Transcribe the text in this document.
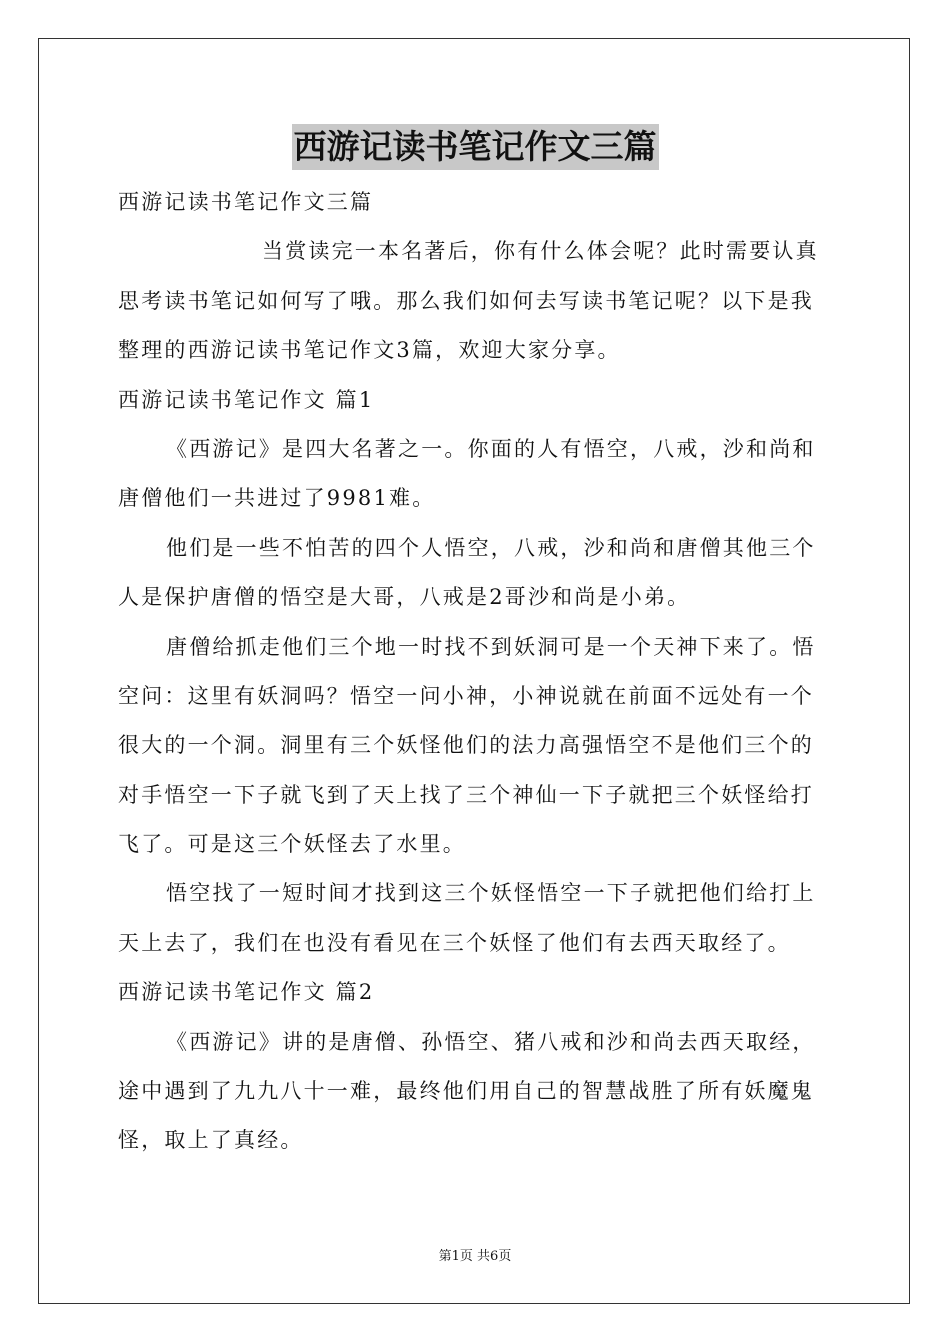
西游记读书笔记作文三篇
西游记读书笔记作文三篇
当赏读完一本名著后，你有什么体会呢？此时需要认真
思考读书笔记如何写了哦。那么我们如何去写读书笔记呢？以下是我
整理的西游记读书笔记作文3篇，欢迎大家分享。
西游记读书笔记作文 篇1
《西游记》是四大名著之一。你面的人有悟空，八戒，沙和尚和
唐僧他们一共进过了9981难。
他们是一些不怕苦的四个人悟空，八戒，沙和尚和唐僧其他三个
人是保护唐僧的悟空是大哥，八戒是2哥沙和尚是小弟。
唐僧给抓走他们三个地一时找不到妖洞可是一个天神下来了。悟
空问：这里有妖洞吗？悟空一问小神，小神说就在前面不远处有一个
很大的一个洞。洞里有三个妖怪他们的法力高强悟空不是他们三个的
对手悟空一下子就飞到了天上找了三个神仙一下子就把三个妖怪给打
飞了。可是这三个妖怪去了水里。
悟空找了一短时间才找到这三个妖怪悟空一下子就把他们给打上
天上去了，我们在也没有看见在三个妖怪了他们有去西天取经了。
西游记读书笔记作文 篇2
《西游记》讲的是唐僧、孙悟空、猪八戒和沙和尚去西天取经，
途中遇到了九九八十一难，最终他们用自己的智慧战胜了所有妖魔鬼
怪，取上了真经。
第1页 共6页
